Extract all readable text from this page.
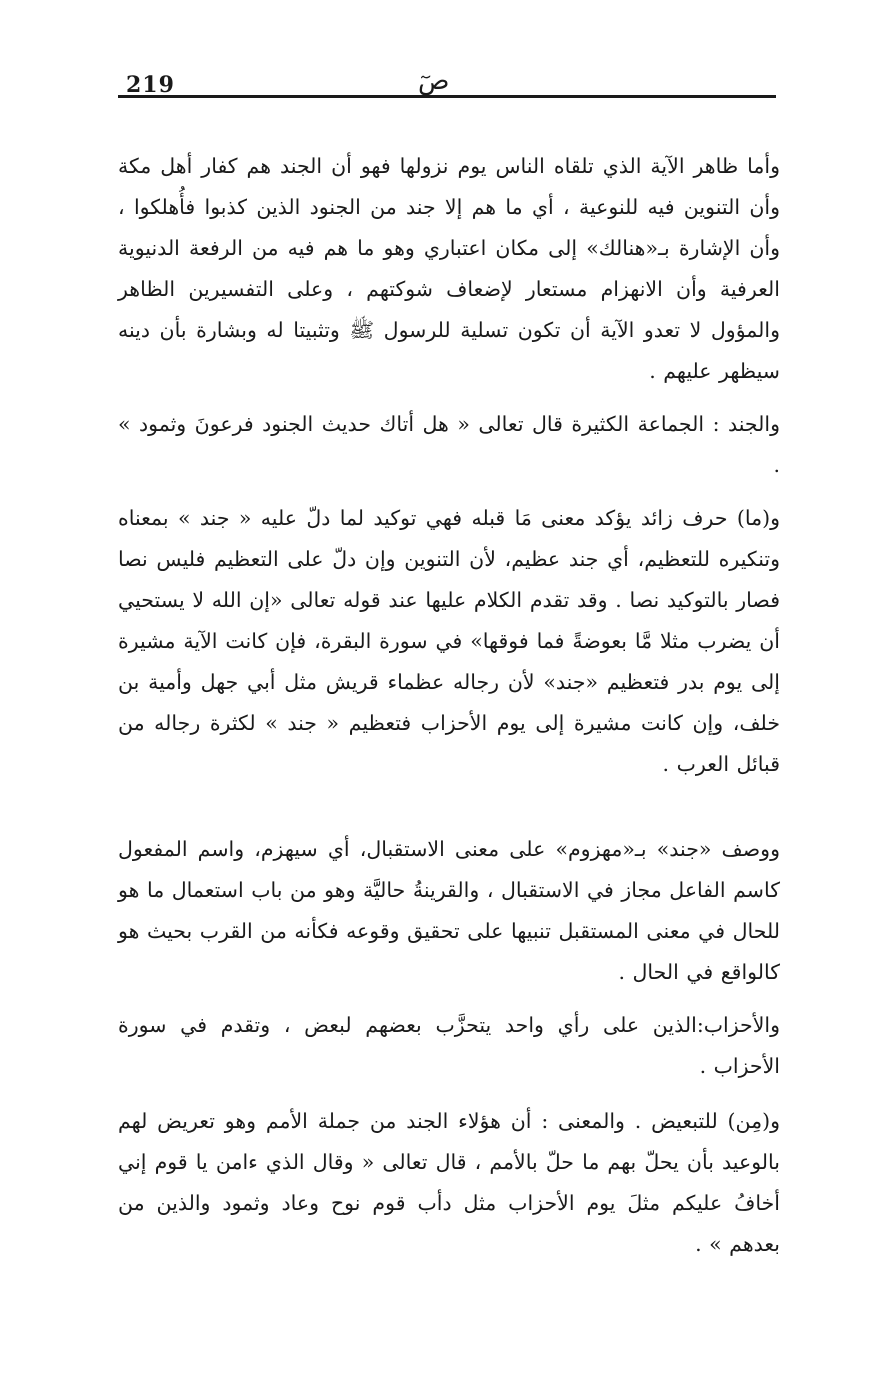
219	صٓ

وأما ظاهر الآية الذي تلقاه الناس يوم نزولها فهو أن الجند هم كفار أهل مكة وأن التنوين فيه للنوعية ، أي ما هم إلا جند من الجنود الذين كذبوا فأُهلكوا ، وأن الإشارة بـ«هنالك» إلى مكان اعتباري وهو ما هم فيه من الرفعة الدنيوية العرفية وأن الانهزام مستعار لإضعاف شوكتهم ، وعلى التفسيرين الظاهر والمؤول لا تعدو الآية أن تكون تسلية للرسول ﷺ وتثبيتا له وبشارة بأن دينه سيظهر عليهم .

والجند : الجماعة الكثيرة قال تعالى « هل أتاك حديث الجنود فرعونَ وثمود » .

و(ما) حرف زائد يؤكد معنى مَا قبله فهي توكيد لما دلّ عليه « جند » بمعناه وتنكيره للتعظيم، أي جند عظيم، لأن التنوين وإن دلّ على التعظيم فليس نصا فصار بالتوكيد نصا . وقد تقدم الكلام عليها عند قوله تعالى «إن الله لا يستحيي أن يضرب مثلا مَّا بعوضةً فما فوقها» في سورة البقرة، فإن كانت الآية مشيرة إلى يوم بدر فتعظيم «جند» لأن رجاله عظماء قريش مثل أبي جهل وأمية بن خلف، وإن كانت مشيرة إلى يوم الأحزاب فتعظيم « جند » لكثرة رجاله من قبائل العرب .

ووصف «جند» بـ«مهزوم» على معنى الاستقبال، أي سيهزم، واسم المفعول كاسم الفاعل مجاز في الاستقبال ، والقرينةُ حاليَّة وهو من باب استعمال ما هو للحال في معنى المستقبل تنبيها على تحقيق وقوعه فكأنه من القرب بحيث هو كالواقع في الحال .

والأحزاب:الذين على رأي واحد يتحزَّب بعضهم لبعض ، وتقدم في سورة الأحزاب .

و(مِن) للتبعيض . والمعنى : أن هؤلاء الجند من جملة الأمم وهو تعريض لهم بالوعيد بأن يحلّ بهم ما حلّ بالأمم ، قال تعالى « وقال الذي ءامن يا قوم إني أخافُ عليكم مثلَ يوم الأحزاب مثل دأب قوم نوح وعاد وثمود والذين من بعدهم » .
